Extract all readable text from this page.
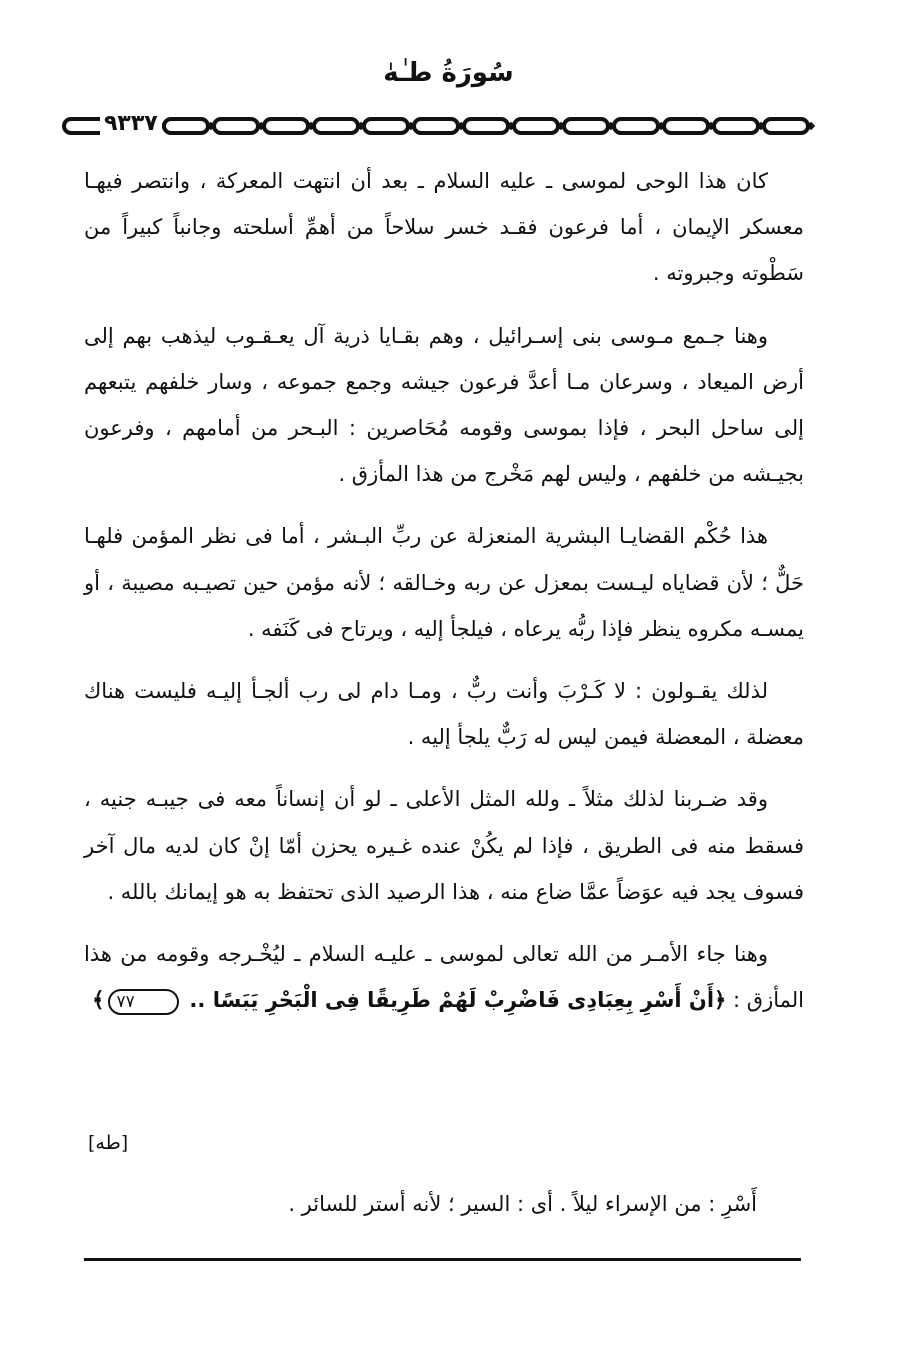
سُورَةُ طـٰهٰ
٩٣٣٧

كان هذا الوحى لموسى ـ عليه السلام ـ بعد أن انتهت المعركة ، وانتصر فيهـا معسكر الإيمان ، أما فرعون فقـد خسر سلاحاً من أهمِّ أسلحته وجانباً كبيراً من سَطْوته وجبروته .

وهنا جـمع مـوسى بنى إسـرائيل ، وهم بقـايا ذرية آل يعـقـوب ليذهب بهم إلى أرض الميعاد ، وسرعان مـا أعدَّ فرعون جيشه وجمع جموعه ، وسار خلفهم يتبعهم إلى ساحل البحر ، فإذا بموسى وقومه مُحَاصرين : البـحر من أمامهم ، وفرعون بجيـشه من خلفهم ، وليس لهم مَخْرج من هذا المأزق .

هذا حُكْم القضايـا البشرية المنعزلة عن ربِّ البـشر ، أما فى نظر المؤمن فلهـا حَلٌّ ؛ لأن قضاياه ليـست بمعزل عن ربه وخـالقه ؛ لأنه مؤمن حين تصيـبه مصيبة ، أو يمسـه مكروه ينظر فإذا ربُّه يرعاه ، فيلجأ إليه ، ويرتاح فى كَنَفه .

لذلك يقـولون : لا كَـرْبَ وأنت ربٌّ ، ومـا دام لى رب ألجـأ إليـه فليست هناك معضلة ، المعضلة فيمن ليس له رَبٌّ يلجأ إليه .

وقد ضـربنا لذلك مثلاً ـ ولله المثل الأعلى ـ لو أن إنساناً معه فى جيبـه جنيه ، فسقط منه فى الطريق ، فإذا لم يكُنْ عنده غـيره يحزن أمّا إنْ كان لديه مال آخر فسوف يجد فيه عوَضاً عمَّا ضاع منه ، هذا الرصيد الذى تحتفظ به هو إيمانك بالله .

وهنا جاء الأمـر من الله تعالى لموسى ـ عليـه السلام ـ ليُخْـرجه وقومه من هذا المأزق : ﴿أَنْ أَسْرِ بِعِبَادِى فَاضْرِبْ لَهُمْ طَرِيقًا فِى الْبَحْرِ يَبَسًا .. ٧٧﴾

[طه]
أَسْرِ : من الإسراء ليلاً . أى : السير ؛ لأنه أستر للسائر .
